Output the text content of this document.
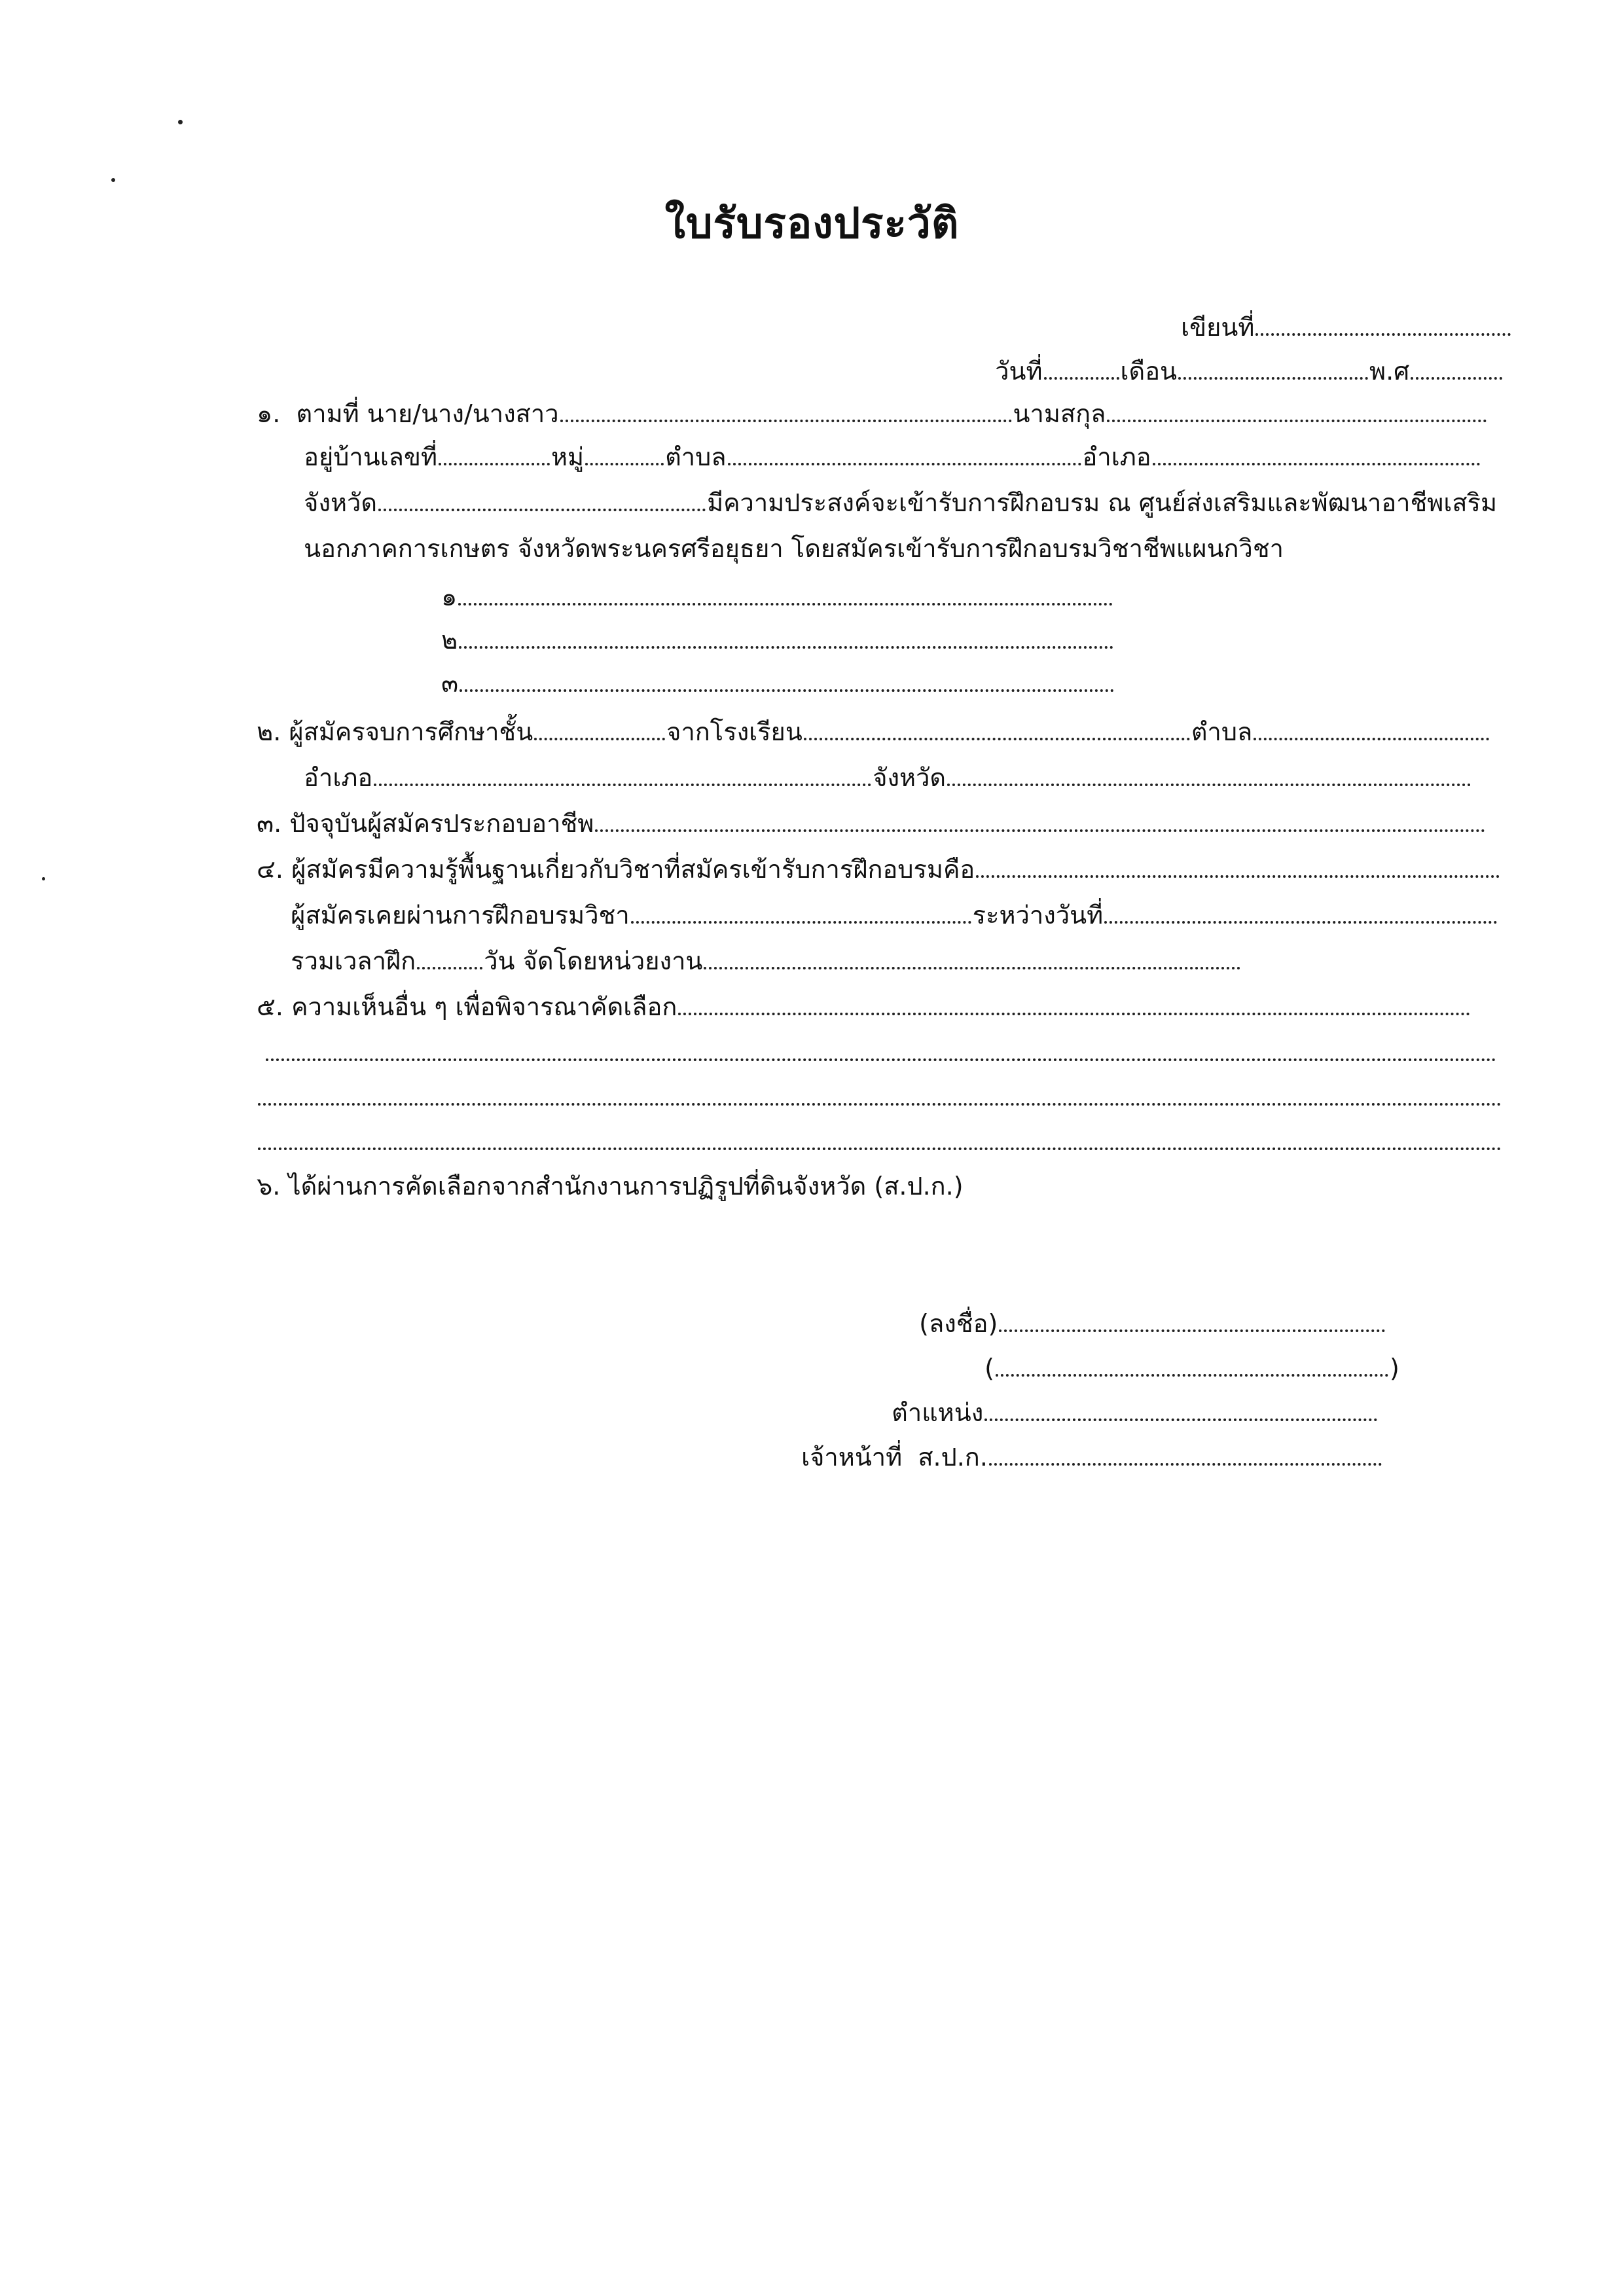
ใบรับรองประวัติ

เขียนที่

วันที่	เดือน	พ.ศ

๑. ตามที่ นาย/นาง/นางสาว	นามสกุล

อยู่บ้านเลขที่	หมู่	ตำบล	อำเภอ

จังหวัด	มีความประสงค์จะเข้ารับการฝึกอบรม ณ ศูนย์ส่งเสริมและพัฒนาอาชีพเสริม

นอกภาคการเกษตร จังหวัดพระนครศรีอยุธยา โดยสมัครเข้ารับการฝึกอบรมวิชาชีพแผนกวิชา

๑

๒

๓

๒. ผู้สมัครจบการศึกษาชั้น	จากโรงเรียน	ตำบล

อำเภอ	จังหวัด

๓. ปัจจุบันผู้สมัครประกอบอาชีพ

๔. ผู้สมัครมีความรู้พื้นฐานเกี่ยวกับวิชาที่สมัครเข้ารับการฝึกอบรมคือ

ผู้สมัครเคยผ่านการฝึกอบรมวิชา	ระหว่างวันที่

รวมเวลาฝึก	วัน จัดโดยหน่วยงาน

๕. ความเห็นอื่น ๆ เพื่อพิจารณาคัดเลือก

๖. ได้ผ่านการคัดเลือกจากสำนักงานการปฏิรูปที่ดินจังหวัด (ส.ป.ก.)

(ลงชื่อ)

(	)

ตำแหน่ง

เจ้าหน้าที่  ส.ป.ก.
